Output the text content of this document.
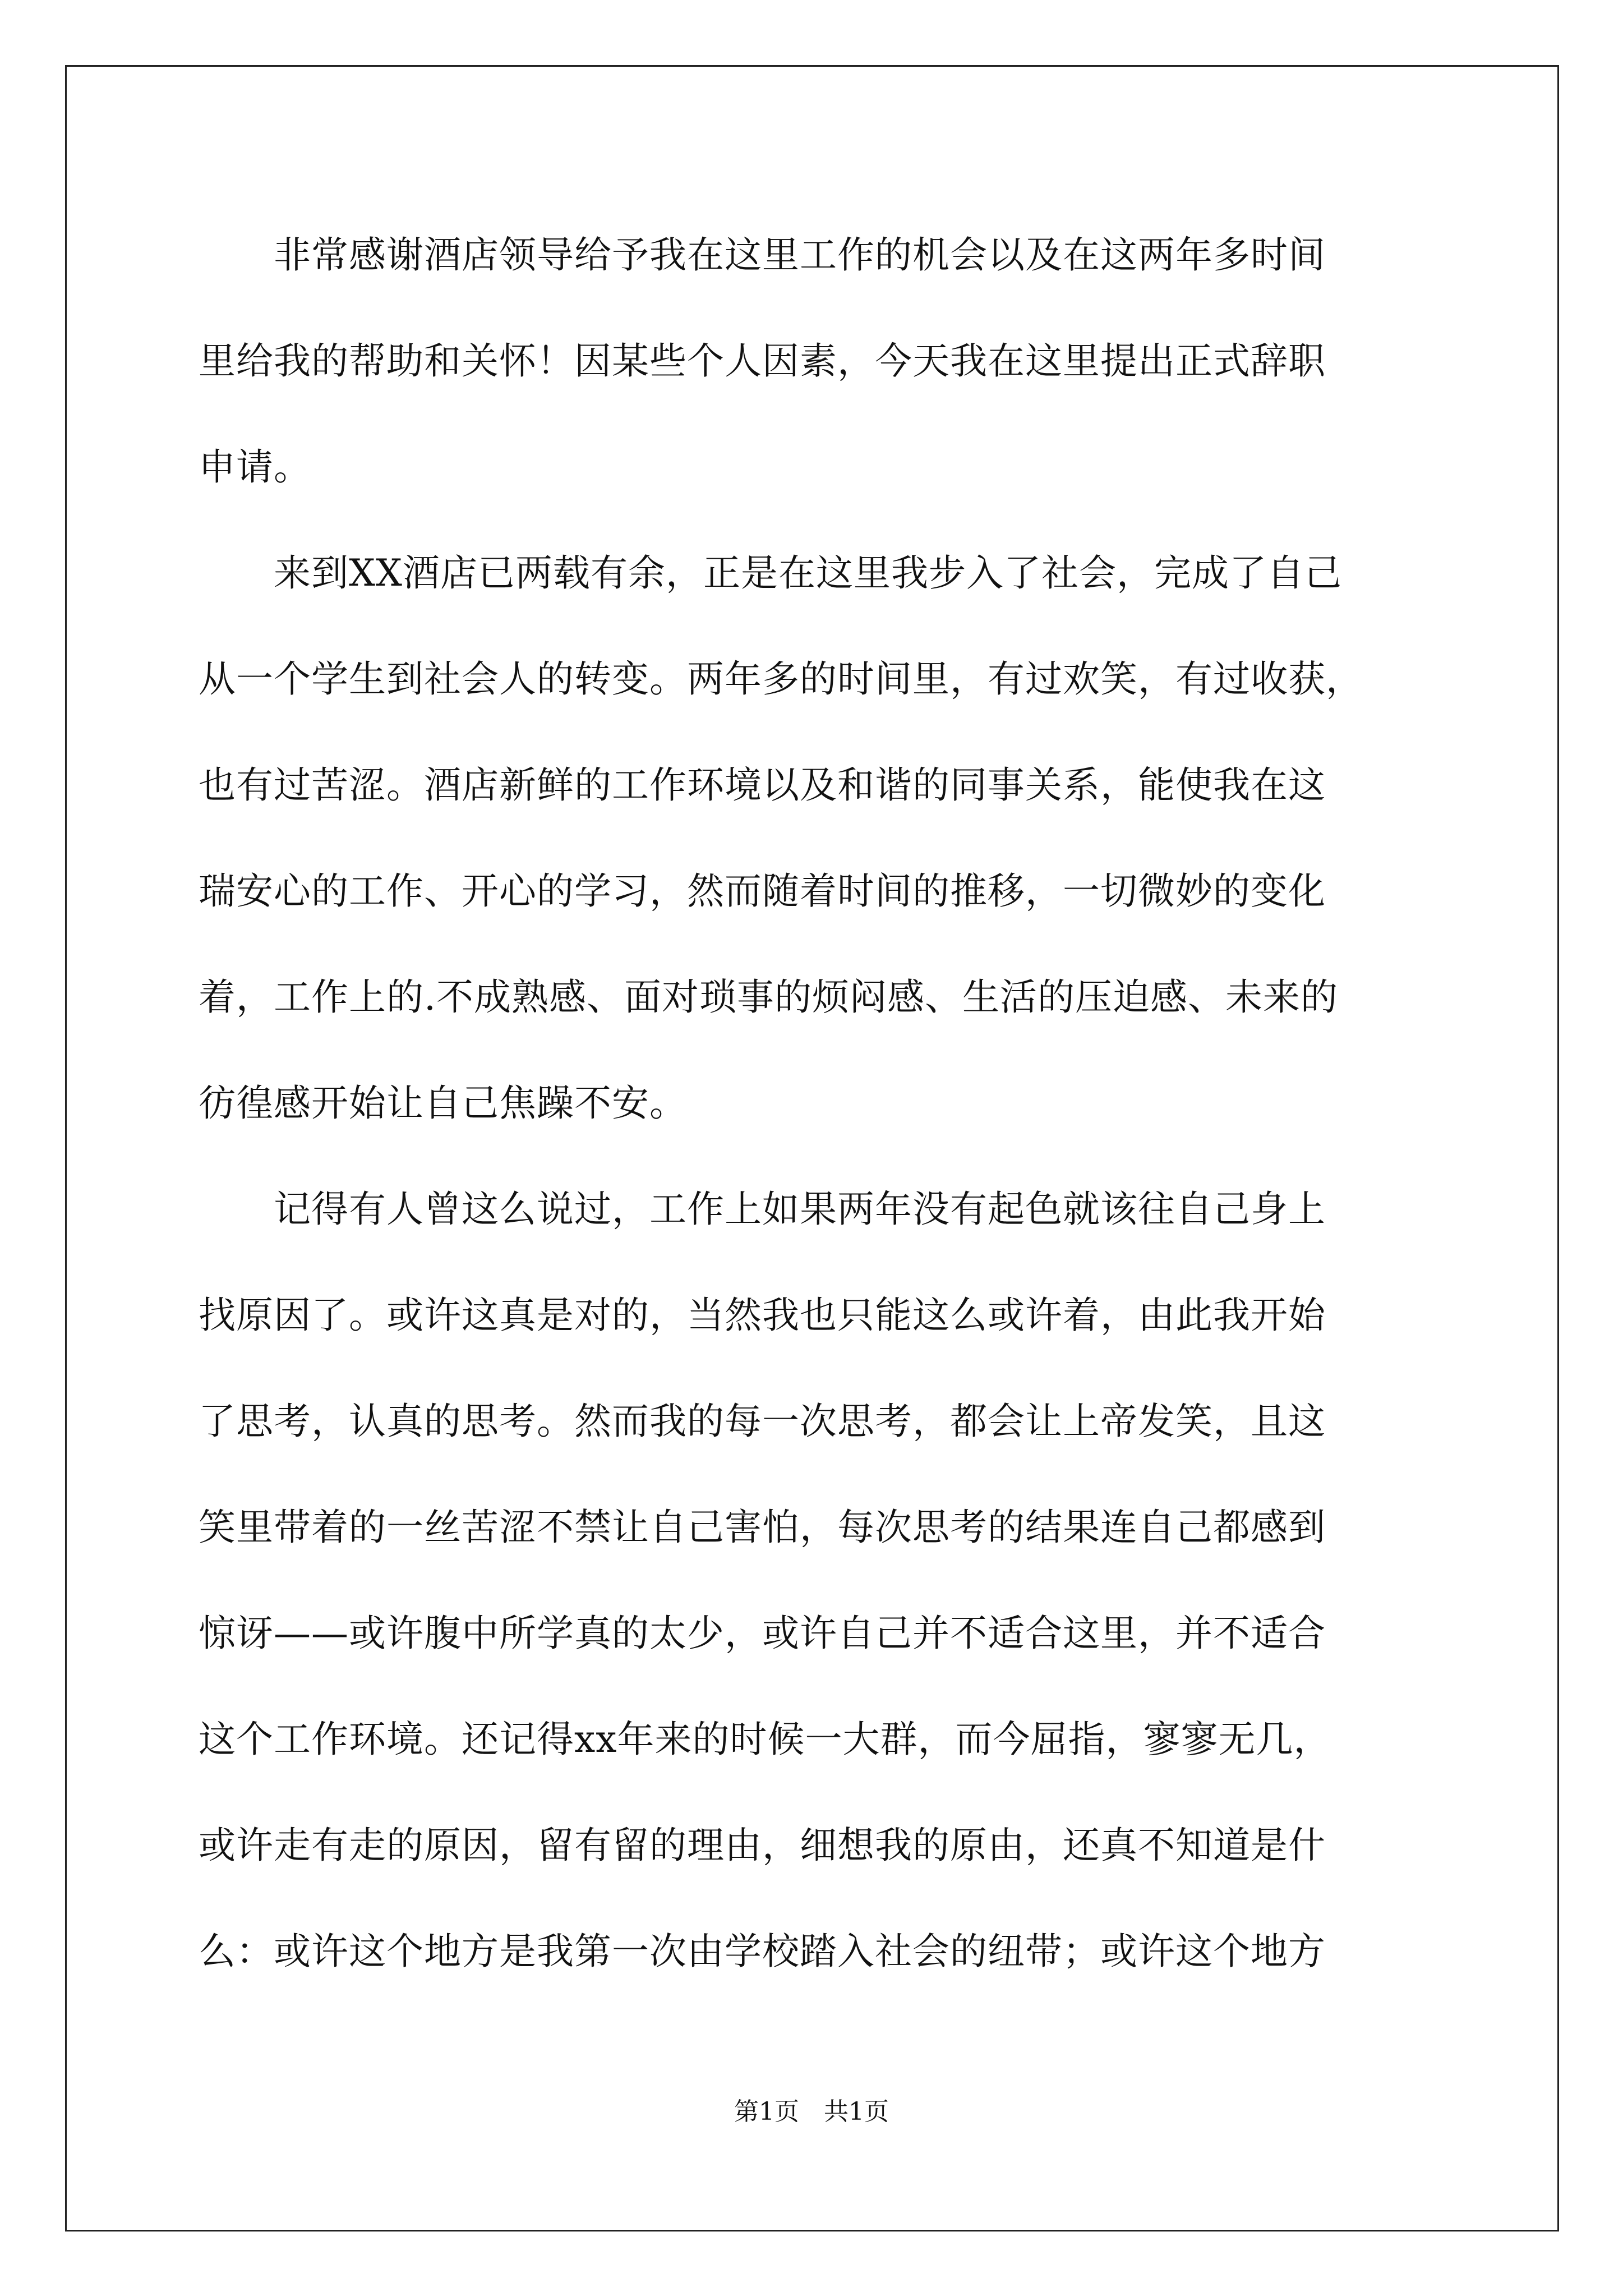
非常感谢酒店领导给予我在这里工作的机会以及在这两年多时间
里给我的帮助和关怀！因某些个人因素，今天我在这里提出正式辞职
申请。
来到XX酒店已两载有余，正是在这里我步入了社会，完成了自己
从一个学生到社会人的转变。两年多的时间里，有过欢笑，有过收获，
也有过苦涩。酒店新鲜的工作环境以及和谐的同事关系，能使我在这
瑞安心的工作、开心的学习，然而随着时间的推移，一切微妙的变化
着，工作上的.不成熟感、面对琐事的烦闷感、生活的压迫感、未来的
彷徨感开始让自己焦躁不安。
记得有人曾这么说过，工作上如果两年没有起色就该往自己身上
找原因了。或许这真是对的，当然我也只能这么或许着，由此我开始
了思考，认真的思考。然而我的每一次思考，都会让上帝发笑，且这
笑里带着的一丝苦涩不禁让自己害怕，每次思考的结果连自己都感到
惊讶——或许腹中所学真的太少，或许自己并不适合这里，并不适合
这个工作环境。还记得xx年来的时候一大群，而今屈指，寥寥无几，
或许走有走的原因，留有留的理由，细想我的原由，还真不知道是什
么：或许这个地方是我第一次由学校踏入社会的纽带；或许这个地方
第1页 共1页
